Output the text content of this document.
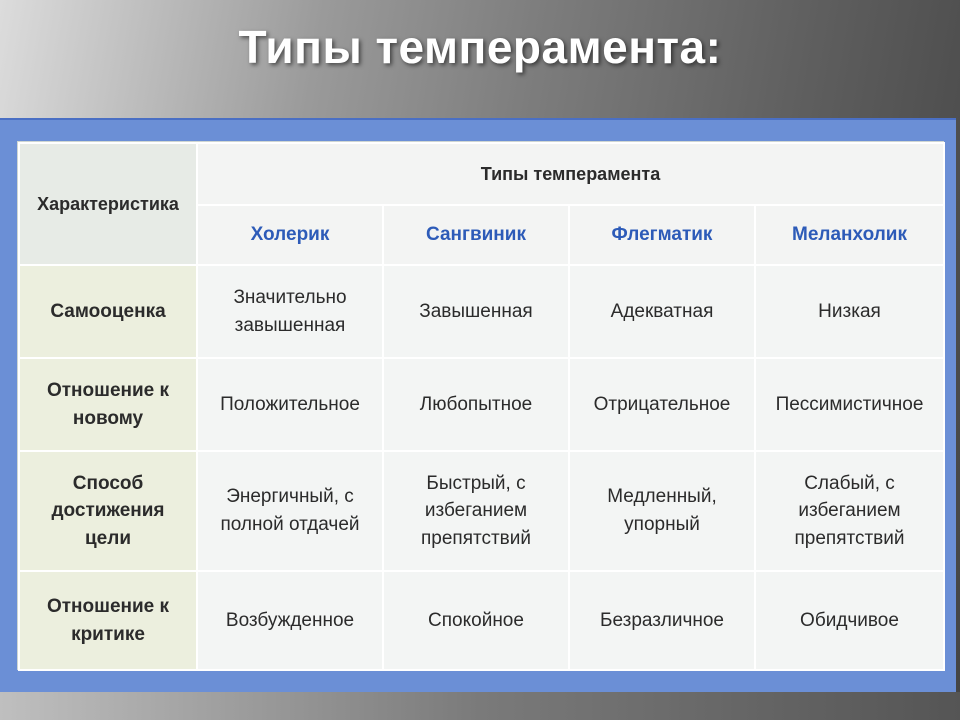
Типы темперамента:
Характеристика	Типы темперамента			
	Холерик	Сангвиник	Флегматик	Меланхолик
Самооценка	Значительно завышенная	Завышенная	Адекватная	Низкая
Отношение к новому	Положительное	Любопытное	Отрицательное	Пессимистичное
Способ достижения цели	Энергичный, с полной отдачей	Быстрый, с избеганием препятствий	Медленный, упорный	Слабый, с избеганием препятствий
Отношение к критике	Возбужденное	Спокойное	Безразличное	Обидчивое
